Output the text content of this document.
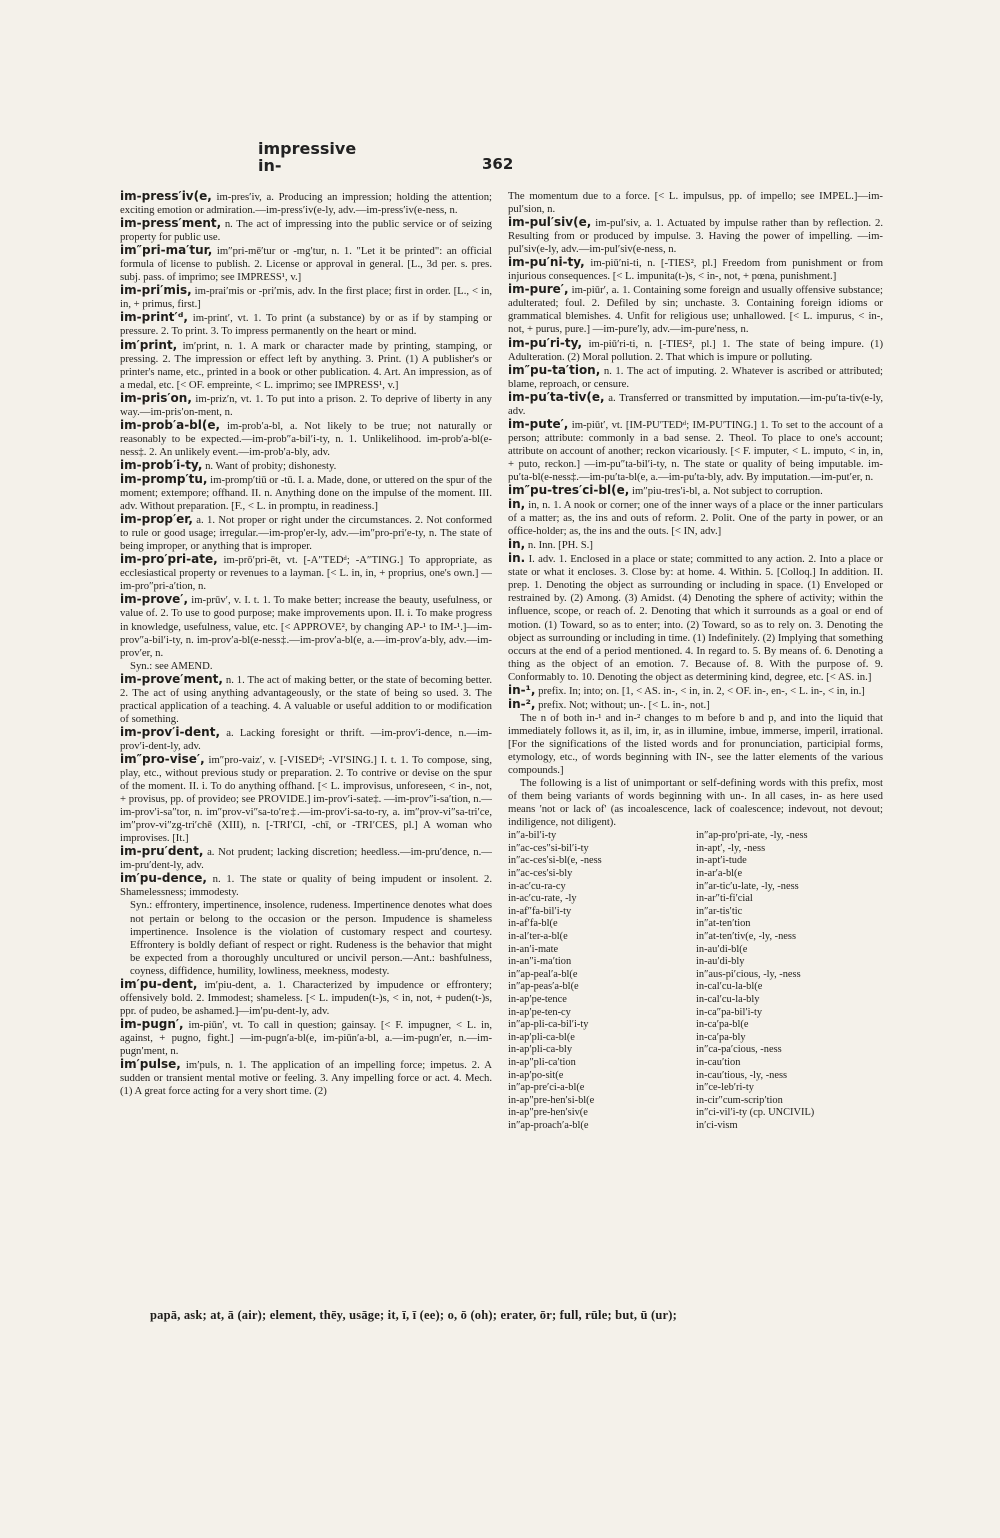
impressive
in-	362

im-press′iv(e, im-pres′iv, a. Producing an impression; holding the attention; exciting emotion or admiration.—im-press′iv(e-ly, adv.—im-press′iv(e-ness, n.

im-press′ment, n. The act of impressing into the public service or of seizing property for public use.

im″pri-ma′tur, im″pri-mē′tur or -mg′tur, n. 1. "Let it be printed": an official formula of license to publish. 2. License or approval in general. [L., 3d per. s. pres. subj. pass. of imprimo; see IMPRESS¹, v.]

im-pri′mis, im-prai′mis or -pri′mis, adv. In the first place; first in order. [L., < in, in, + primus, first.]

im-print′ᵈ, im-print′, vt. 1. To print (a substance) by or as if by stamping or pressure. 2. To print. 3. To impress permanently on the heart or mind.

im′print, im′print, n. 1. A mark or character made by printing, stamping, or pressing. 2. The impression or effect left by anything. 3. Print. (1) A publisher's or printer's name, etc., printed in a book or other publication. 4. Art. An impression, as of a medal, etc. [< OF. empreinte, < L. imprimo; see IMPRESS¹, v.]

im-pris′on, im-priz′n, vt. 1. To put into a prison. 2. To deprive of liberty in any way.—im-pris′on-ment, n.

im-prob′a-bl(e, im-prob′a-bl, a. Not likely to be true; not naturally or reasonably to be expected.—im-prob″a-bil′i-ty, n. 1. Unlikelihood. im-prob′a-bl(e-ness‡. 2. An unlikely event.—im-prob′a-bly, adv.

im-prob′i-ty, n. Want of probity; dishonesty.

im-promp′tu, im-promp′tiū or -tū. I. a. Made, done, or uttered on the spur of the moment; extempore; offhand. II. n. Anything done on the impulse of the moment. III. adv. Without preparation. [F., < L. in promptu, in readiness.]

im-prop′er, a. 1. Not proper or right under the circumstances. 2. Not conformed to rule or good usage; irregular.—im-prop′er-ly, adv.—im″pro-pri′e-ty, n. The state of being improper, or anything that is improper.

im-pro′pri-ate, im-prō′pri-ēt, vt. [-A″TEDᵈ; -A″TING.] To appropriate, as ecclesiastical property or revenues to a layman. [< L. in, in, + proprius, one's own.] —im-pro″pri-a′tion, n.

im-prove′, im-prūv′, v. I. t. 1. To make better; increase the beauty, usefulness, or value of. 2. To use to good purpose; make improvements upon. II. i. To make progress in knowledge, usefulness, value, etc. [< APPROVE², by changing AP-¹ to IM-¹.]—im-prov″a-bil′i-ty, n. im-prov′a-bl(e-ness‡.—im-prov′a-bl(e, a.—im-prov′a-bly, adv.—im-prov′er, n.

Syn.: see AMEND.

im-prove′ment, n. 1. The act of making better, or the state of becoming better. 2. The act of using anything advantageously, or the state of being so used. 3. The practical application of a teaching. 4. A valuable or useful addition to or modification of something.

im-prov′i-dent, a. Lacking foresight or thrift. —im-prov′i-dence, n.—im-prov′i-dent-ly, adv.

im″pro-vise′, im″pro-vaiz′, v. [-VISEDᵈ; -VI′SING.] I. t. 1. To compose, sing, play, etc., without previous study or preparation. 2. To contrive or devise on the spur of the moment. II. i. To do anything offhand. [< L. improvisus, unforeseen, < in-, not, + provisus, pp. of provideo; see PROVIDE.] im-prov′i-sate‡. —im-prov″i-sa′tion, n.—im-prov′i-sa″tor, n. im″prov-vi″sa-to′re‡.—im-prov′i-sa-to-ry, a. im″prov-vi″sa-tri′ce, im″prov-vi″zg-tri′chē (XIII), n. [-TRI′CI, -chī, or -TRI′CES, pl.] A woman who improvises. [It.]

im-pru′dent, a. Not prudent; lacking discretion; heedless.—im-pru′dence, n.—im-pru′dent-ly, adv.

im′pu-dence, n. 1. The state or quality of being impudent or insolent. 2. Shamelessness; immodesty.

Syn.: effrontery, impertinence, insolence, rudeness. Impertinence denotes what does not pertain or belong to the occasion or the person. Impudence is shameless impertinence. Insolence is the violation of customary respect and courtesy. Effrontery is boldly defiant of respect or right. Rudeness is the behavior that might be expected from a thoroughly uncultured or uncivil person.—Ant.: bashfulness, coyness, diffidence, humility, lowliness, meekness, modesty.

im′pu-dent, im′piu-dent, a. 1. Characterized by impudence or effrontery; offensively bold. 2. Immodest; shameless. [< L. impuden(t-)s, < in, not, + puden(t-)s, ppr. of pudeo, be ashamed.]—im′pu-dent-ly, adv.

im-pugn′, im-piūn′, vt. To call in question; gainsay. [< F. impugner, < L. in, against, + pugno, fight.] —im-pugn′a-bl(e, im-piūn′a-bl, a.—im-pugn′er, n.—im-pugn′ment, n.

im′pulse, im′puls, n. 1. The application of an impelling force; impetus. 2. A sudden or transient mental motive or feeling. 3. Any impelling force or act. 4. Mech. (1) A great force acting for a very short time. (2)

The momentum due to a force. [< L. impulsus, pp. of impello; see IMPEL.]—im-pul′sion, n.

im-pul′siv(e, im-pul′siv, a. 1. Actuated by impulse rather than by reflection. 2. Resulting from or produced by impulse. 3. Having the power of impelling. —im-pul′siv(e-ly, adv.—im-pul′siv(e-ness, n.

im-pu′ni-ty, im-piū′ni-ti, n. [-TIES², pl.] Freedom from punishment or from injurious consequences. [< L. impunita(t-)s, < in-, not, + pœna, punishment.]

im-pure′, im-piūr′, a. 1. Containing some foreign and usually offensive substance; adulterated; foul. 2. Defiled by sin; unchaste. 3. Containing foreign idioms or grammatical blemishes. 4. Unfit for religious use; unhallowed. [< L. impurus, < in-, not, + purus, pure.] —im-pure′ly, adv.—im-pure′ness, n.

im-pu′ri-ty, im-piū′ri-ti, n. [-TIES², pl.] 1. The state of being impure. (1) Adulteration. (2) Moral pollution. 2. That which is impure or polluting.

im″pu-ta′tion, n. 1. The act of imputing. 2. Whatever is ascribed or attributed; blame, reproach, or censure.

im-pu′ta-tiv(e, a. Transferred or transmitted by imputation.—im-pu′ta-tiv(e-ly, adv.

im-pute′, im-piūt′, vt. [IM-PU′TEDᵈ; IM-PU′TING.] 1. To set to the account of a person; attribute: commonly in a bad sense. 2. Theol. To place to one's account; attribute on account of another; reckon vicariously. [< F. imputer, < L. imputo, < in, in, + puto, reckon.] —im-pu″ta-bil′i-ty, n. The state or quality of being imputable. im-pu′ta-bl(e-ness‡.—im-pu′ta-bl(e, a.—im-pu′ta-bly, adv. By imputation.—im-put′er, n.

im″pu-tres′ci-bl(e, im″piu-tres′i-bl, a. Not subject to corruption.

in, in, n. 1. A nook or corner; one of the inner ways of a place or the inner particulars of a matter; as, the ins and outs of reform. 2. Polit. One of the party in power, or an office-holder; as, the ins and the outs. [< IN, adv.]

in, n. Inn. [PH. S.]

in. I. adv. 1. Enclosed in a place or state; committed to any action. 2. Into a place or state or what it encloses. 3. Close by: at home. 4. Within. 5. [Colloq.] In addition. II. prep. 1. Denoting the object as surrounding or including in space. (1) Enveloped or restrained by. (2) Among. (3) Amidst. (4) Denoting the sphere of activity; within the influence, scope, or reach of. 2. Denoting that which it surrounds as a goal or end of motion. (1) Toward, so as to enter; into. (2) Toward, so as to rely on. 3. Denoting the object as surrounding or including in time. (1) Indefinitely. (2) Implying that something occurs at the end of a period mentioned. 4. In regard to. 5. By means of. 6. Denoting a thing as the object of an emotion. 7. Because of. 8. With the purpose of. 9. Conformably to. 10. Denoting the object as determining kind, degree, etc. [< AS. in.]

in-¹, prefix. In; into; on. [1, < AS. in-, < in, in. 2, < OF. in-, en-, < L. in-, < in, in.]

in-², prefix. Not; without; un-. [< L. in-, not.]

The n of both in-¹ and in-² changes to m before b and p, and into the liquid that immediately follows it, as il, im, ir, as in illumine, imbue, immerse, imperil, irrational. [For the significations of the listed words and for pronunciation, participial forms, etymology, etc., of words beginning with IN-, see the latter elements of the various compounds.]

The following is a list of unimportant or self-defining words with this prefix, most of them being variants of words beginning with un-. In all cases, in- as here used means 'not or lack of' (as incoalescence, lack of coalescence; indevout, not devout; indiligence, not diligent).

in″a-bil′i-ty
in″ac-ces″si-bil′i-ty
in″ac-ces′si-bl(e, -ness
in″ac-ces′si-bly
in-ac′cu-ra-cy
in-ac′cu-rate, -ly
in-af″fa-bil′i-ty
in-af′fa-bl(e
in-al′ter-a-bl(e
in-an′i-mate
in-an″i-ma′tion
in″ap-peal′a-bl(e
in″ap-peas′a-bl(e
in-ap′pe-tence
in-ap′pe-ten-cy
in″ap-pli-ca-bil′i-ty
in-ap′pli-ca-bl(e
in-ap′pli-ca-bly
in-ap″pli-ca′tion
in-ap′po-sit(e
in″ap-pre′ci-a-bl(e
in-ap″pre-hen′si-bl(e
in-ap″pre-hen′siv(e
in″ap-proach′a-bl(e
in″ap-pro′pri-ate, -ly, -ness
in-apt′, -ly, -ness
in-apt′i-tude
in-ar′a-bl(e
in″ar-tic′u-late, -ly, -ness
in-ar″ti-fi′cial
in″ar-tis′tic
in″at-ten′tion
in″at-ten′tiv(e, -ly, -ness
in-au′di-bl(e
in-au′di-bly
in″aus-pi′cious, -ly, -ness
in-cal′cu-la-bl(e
in-cal′cu-la-bly
in-ca″pa-bil′i-ty
in-ca′pa-bl(e
in-ca′pa-bly
in″ca-pa′cious, -ness
in-cau′tion
in-cau′tious, -ly, -ness
in″ce-leb′ri-ty
in-cir″cum-scrip′tion
in″ci-vil′i-ty (cp. UNCIVIL)
in′ci-vism
papā, ask; at, ā (air); element, thēy, usāge; it, ī, ī (ee); o, ō (oh); erater, ōr; full, rūle; but, ū (ur);
